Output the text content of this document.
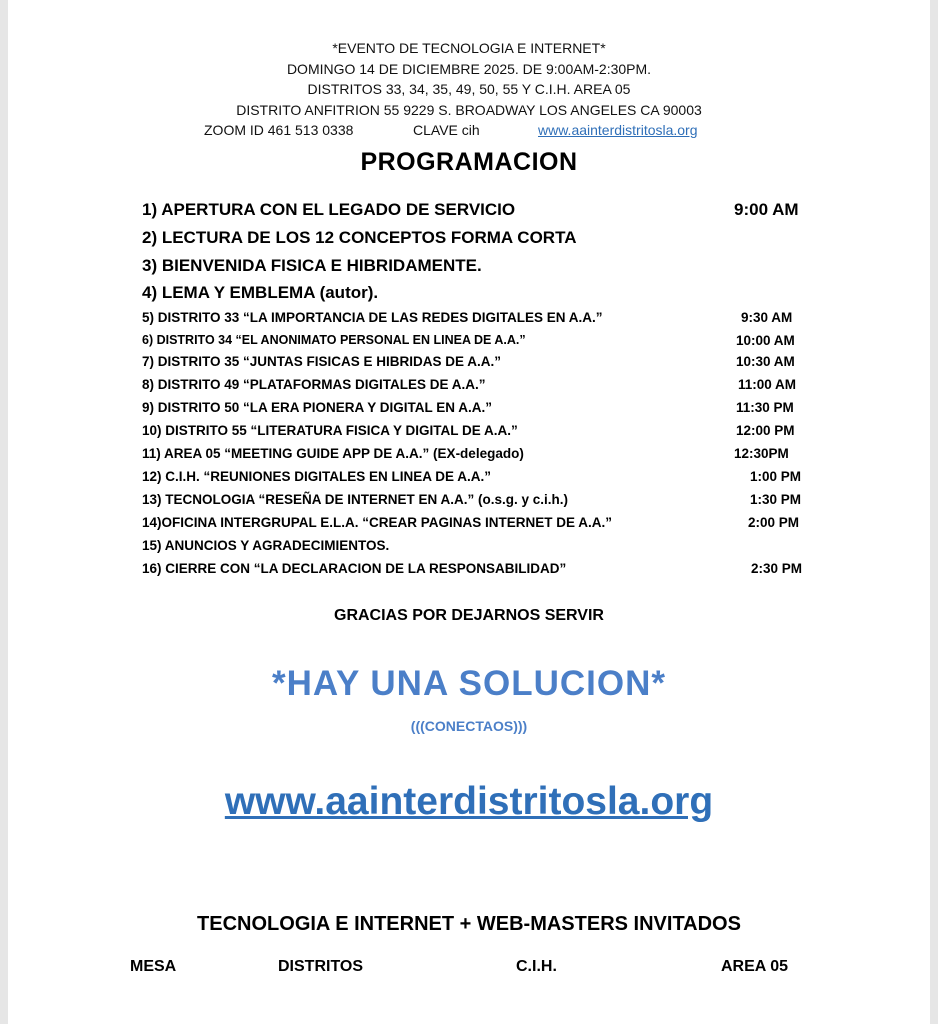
*EVENTO DE TECNOLOGIA E INTERNET*
DOMINGO 14 DE DICIEMBRE 2025. DE 9:00AM-2:30PM.
DISTRITOS 33, 34, 35, 49, 50, 55 Y C.I.H. AREA 05
DISTRITO ANFITRION 55 9229 S. BROADWAY LOS ANGELES CA 90003
ZOOM ID 461 513 0338	CLAVE cih	www.aainterdistritosla.org
PROGRAMACION
1) APERTURA CON EL LEGADO DE SERVICIO	9:00 AM
2) LECTURA DE LOS 12 CONCEPTOS FORMA CORTA
3) BIENVENIDA FISICA E HIBRIDAMENTE.
4) LEMA Y EMBLEMA (autor).
5) DISTRITO 33 “LA IMPORTANCIA DE LAS REDES DIGITALES EN A.A.”	9:30 AM
6) DISTRITO 34 “EL ANONIMATO PERSONAL EN LINEA DE A.A.”	10:00 AM
7) DISTRITO 35 “JUNTAS FISICAS E HIBRIDAS DE A.A.”	10:30 AM
8) DISTRITO 49 “PLATAFORMAS DIGITALES DE A.A.”	11:00 AM
9) DISTRITO 50 “LA ERA PIONERA Y DIGITAL EN A.A.”	11:30 PM
10) DISTRITO 55 “LITERATURA FISICA Y DIGITAL DE A.A.”	12:00 PM
11) AREA 05 “MEETING GUIDE APP DE A.A.” (EX-delegado)	12:30PM
12) C.I.H. “REUNIONES DIGITALES EN LINEA DE A.A.”	1:00 PM
13) TECNOLOGIA “RESEÑA DE INTERNET EN A.A.” (o.s.g. y c.i.h.)	1:30 PM
14)OFICINA INTERGRUPAL E.L.A. “CREAR PAGINAS INTERNET DE A.A.”	2:00 PM
15) ANUNCIOS Y AGRADECIMIENTOS.
16) CIERRE CON “LA DECLARACION DE LA RESPONSABILIDAD”	2:30 PM
GRACIAS POR DEJARNOS SERVIR
*HAY UNA SOLUCION*
(((CONECTAOS)))
www.aainterdistritosla.org
TECNOLOGIA E INTERNET + WEB-MASTERS INVITADOS
MESA	DISTRITOS	C.I.H.	AREA 05
